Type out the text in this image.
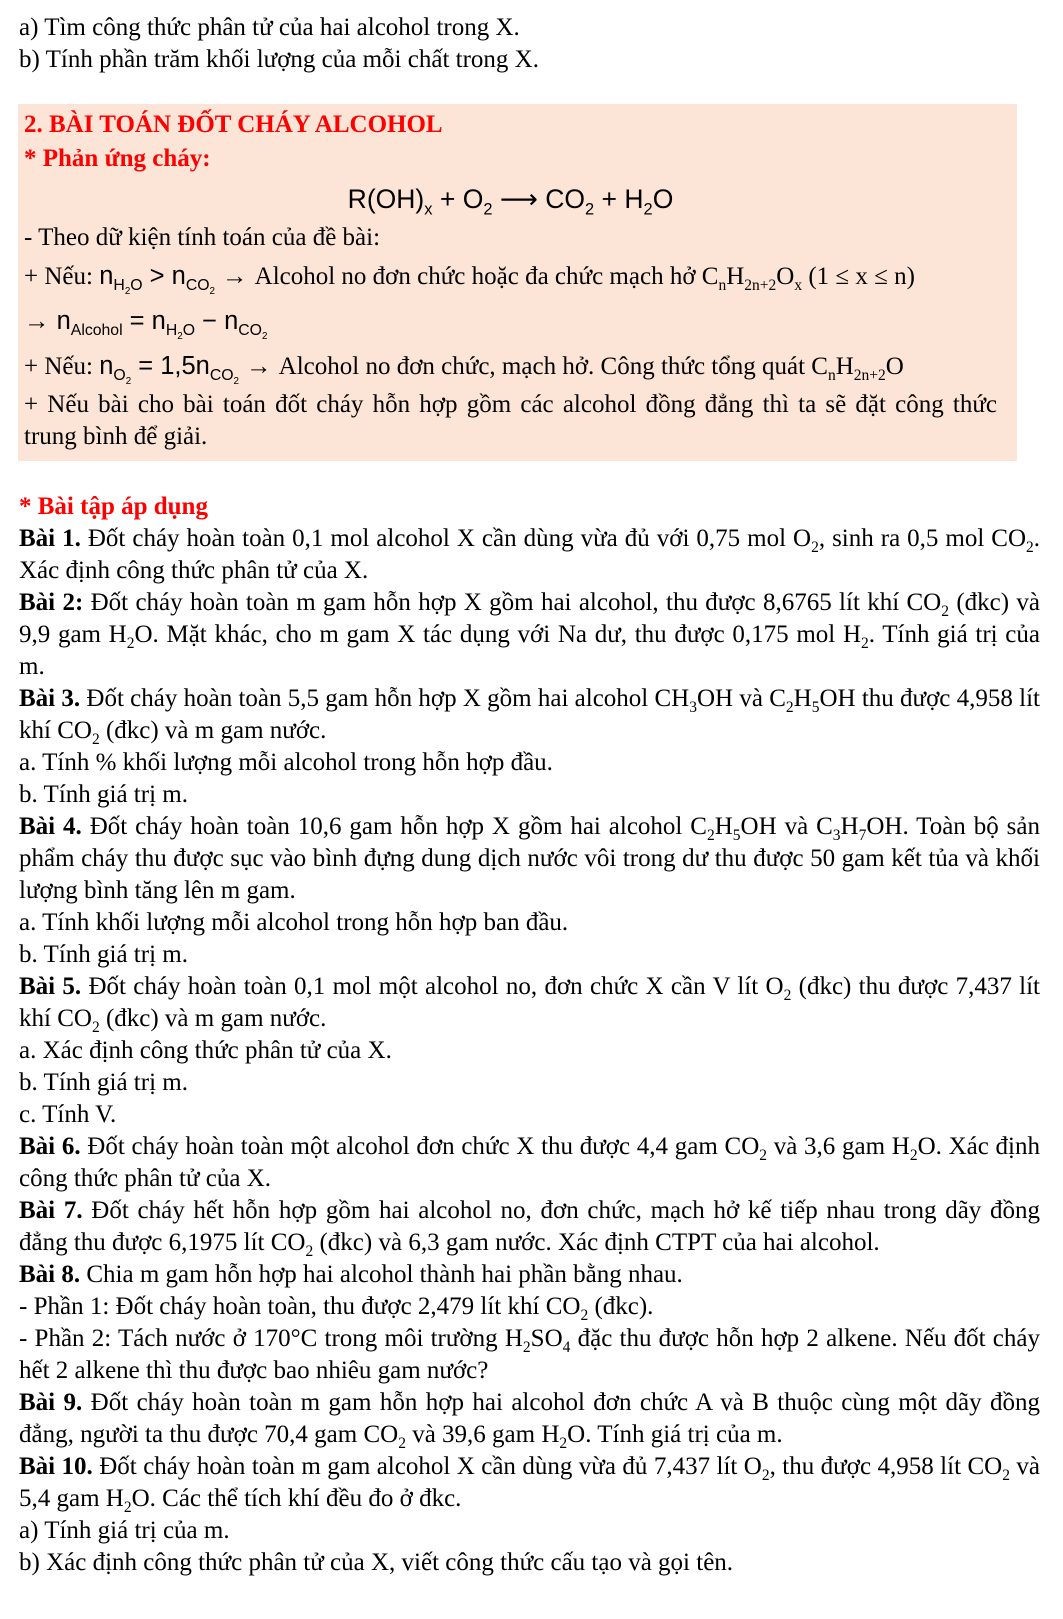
a) Tìm công thức phân tử của hai alcohol trong X.

b) Tính phần trăm khối lượng của mỗi chất trong X.

2. BÀI TOÁN ĐỐT CHÁY ALCOHOL

* Phản ứng cháy:

$R(OH)_x + O_2$ ⟶ $CO_2 + H_2O$

- Theo dữ kiện tính toán của đề bài:

+ Nếu: $n_{H_2O} > n_{CO_2}$ → Alcohol no đơn chức hoặc đa chức mạch hở $C_nH_{2n+2}O_x$ (1 ≤ x ≤ n)

→ $n_{Alcohol} = n_{H_2O} - n_{CO_2}$

+ Nếu: $n_{O_2} = 1,5n_{CO_2}$ → Alcohol no đơn chức, mạch hở. Công thức tổng quát $C_nH_{2n+2}O$

+ Nếu bài cho bài toán đốt cháy hỗn hợp gồm các alcohol đồng đẳng thì ta sẽ đặt công thức trung bình để giải.

* Bài tập áp dụng

Bài 1. Đốt cháy hoàn toàn 0,1 mol alcohol X cần dùng vừa đủ với 0,75 mol $O_2$, sinh ra 0,5 mol $CO_2$. Xác định công thức phân tử của X.

Bài 2: Đốt cháy hoàn toàn m gam hỗn hợp X gồm hai alcohol, thu được 8,6765 lít khí $CO_2$ (đkc) và 9,9 gam $H_2O$. Mặt khác, cho m gam X tác dụng với Na dư, thu được 0,175 mol $H_2$. Tính giá trị của m.

Bài 3. Đốt cháy hoàn toàn 5,5 gam hỗn hợp X gồm hai alcohol $CH_3OH$ và $C_2H_5OH$ thu được 4,958 lít khí $CO_2$ (đkc) và m gam nước.

a. Tính % khối lượng mỗi alcohol trong hỗn hợp đầu.

b. Tính giá trị m.

Bài 4. Đốt cháy hoàn toàn 10,6 gam hỗn hợp X gồm hai alcohol $C_2H_5OH$ và $C_3H_7OH$. Toàn bộ sản phẩm cháy thu được sục vào bình đựng dung dịch nước vôi trong dư thu được 50 gam kết tủa và khối lượng bình tăng lên m gam.

a. Tính khối lượng mỗi alcohol trong hỗn hợp ban đầu.

b. Tính giá trị m.

Bài 5. Đốt cháy hoàn toàn 0,1 mol một alcohol no, đơn chức X cần V lít $O_2$ (đkc) thu được 7,437 lít khí $CO_2$ (đkc) và m gam nước.

a. Xác định công thức phân tử của X.

b. Tính giá trị m.

c. Tính V.

Bài 6. Đốt cháy hoàn toàn một alcohol đơn chức X thu được 4,4 gam $CO_2$ và 3,6 gam $H_2O$. Xác định công thức phân tử của X.

Bài 7. Đốt cháy hết hỗn hợp gồm hai alcohol no, đơn chức, mạch hở kế tiếp nhau trong dãy đồng đẳng thu được 6,1975 lít $CO_2$ (đkc) và 6,3 gam nước. Xác định CTPT của hai alcohol.

Bài 8. Chia m gam hỗn hợp hai alcohol thành hai phần bằng nhau.

- Phần 1: Đốt cháy hoàn toàn, thu được 2,479 lít khí $CO_2$ (đkc).

- Phần 2: Tách nước ở 170°C trong môi trường $H_2SO_4$ đặc thu được hỗn hợp 2 alkene. Nếu đốt cháy hết 2 alkene thì thu được bao nhiêu gam nước?

Bài 9. Đốt cháy hoàn toàn m gam hỗn hợp hai alcohol đơn chức A và B thuộc cùng một dãy đồng đẳng, người ta thu được 70,4 gam $CO_2$ và 39,6 gam $H_2O$. Tính giá trị của m.

Bài 10. Đốt cháy hoàn toàn m gam alcohol X cần dùng vừa đủ 7,437 lít $O_2$, thu được 4,958 lít $CO_2$ và 5,4 gam $H_2O$. Các thể tích khí đều đo ở đkc.

a) Tính giá trị của m.

b) Xác định công thức phân tử của X, viết công thức cấu tạo và gọi tên.
